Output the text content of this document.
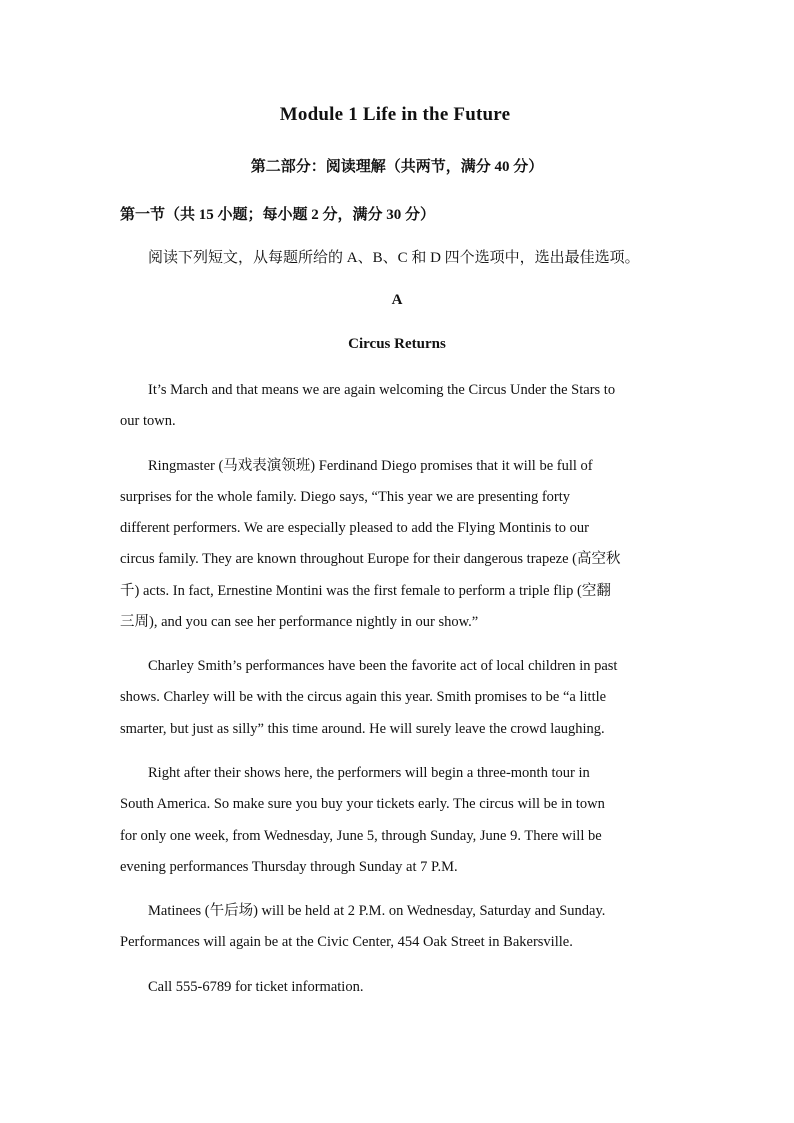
Module 1 Life in the Future
第二部分：阅读理解（共两节，满分 40 分）
第一节（共 15 小题；每小题 2 分，满分 30 分）
阅读下列短文，从每题所给的 A、B、C 和 D 四个选项中，选出最佳选项。
A
Circus Returns
It’s March and that means we are again welcoming the Circus Under the Stars to
our town.
Ringmaster (马戏表演领班) Ferdinand Diego promises that it will be full of
surprises for the whole family. Diego says, “This year we are presenting forty
different performers. We are especially pleased to add the Flying Montinis to our
circus family. They are known throughout Europe for their dangerous trapeze (高空秋
千) acts. In fact, Ernestine Montini was the first female to perform a triple flip (空翻
三周), and you can see her performance nightly in our show.”
Charley Smith’s performances have been the favorite act of local children in past
shows. Charley will be with the circus again this year. Smith promises to be “a little
smarter, but just as silly” this time around. He will surely leave the crowd laughing.
Right after their shows here, the performers will begin a three-month tour in
South America. So make sure you buy your tickets early. The circus will be in town
for only one week, from Wednesday, June 5, through Sunday, June 9. There will be
evening performances Thursday through Sunday at 7 P.M.
Matinees (午后场) will be held at 2 P.M. on Wednesday, Saturday and Sunday.
Performances will again be at the Civic Center, 454 Oak Street in Bakersville.
Call 555-6789 for ticket information.
